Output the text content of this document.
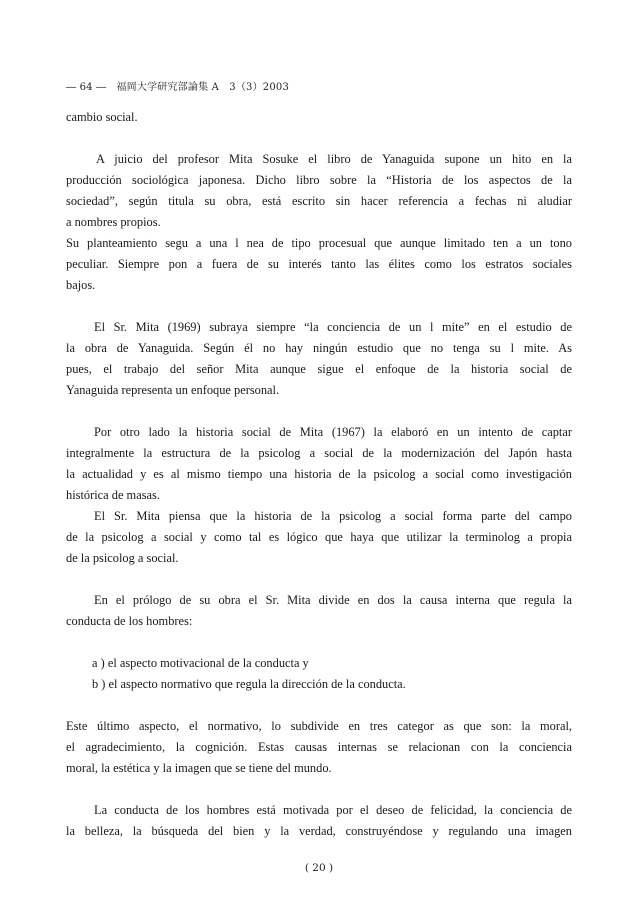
― 64 ―　福岡大学研究部論集 A　3（3）2003
cambio social.
A juicio del profesor Mita Sosuke el libro de Yanaguida supone un hito en la
producción sociológica japonesa. Dicho libro sobre la “Historia de los aspectos de la
sociedad”, según titula su obra, está escrito sin hacer referencia a fechas ni aludiar
a nombres propios.
Su planteamiento segu a una l nea de tipo procesual que aunque limitado ten a un tono
peculiar. Siempre pon a fuera de su interés tanto las élites como los estratos sociales
bajos.
El Sr. Mita (1969) subraya siempre “la conciencia de un l mite” en el estudio de
la obra de Yanaguida. Según él no hay ningún estudio que no tenga su l mite. As
pues, el trabajo del señor Mita aunque sigue el enfoque de la historia social de
Yanaguida representa un enfoque personal.
Por otro lado la historia social de Mita (1967) la elaboró en un intento de captar
integralmente la estructura de la psicolog a social de la modernización del Japón hasta
la actualidad y es al mismo tiempo una historia de la psicolog a social como investigación
histórica de masas.
El Sr. Mita piensa que la historia de la psicolog a social forma parte del campo
de la psicolog a social y como tal es lógico que haya que utilizar la terminolog a propia
de la psicolog a social.
En el prólogo de su obra el Sr. Mita divide en dos la causa interna que regula la
conducta de los hombres:
a ) el aspecto motivacional de la conducta y
b ) el aspecto normativo que regula la dirección de la conducta.
Este último aspecto, el normativo, lo subdivide en tres categor as que son: la moral,
el agradecimiento, la cognición. Estas causas internas se relacionan con la conciencia
moral, la estética y la imagen que se tiene del mundo.
La conducta de los hombres está motivada por el deseo de felicidad, la conciencia de
la belleza, la búsqueda del bien y la verdad, construyéndose y regulando una imagen
( 20 )
